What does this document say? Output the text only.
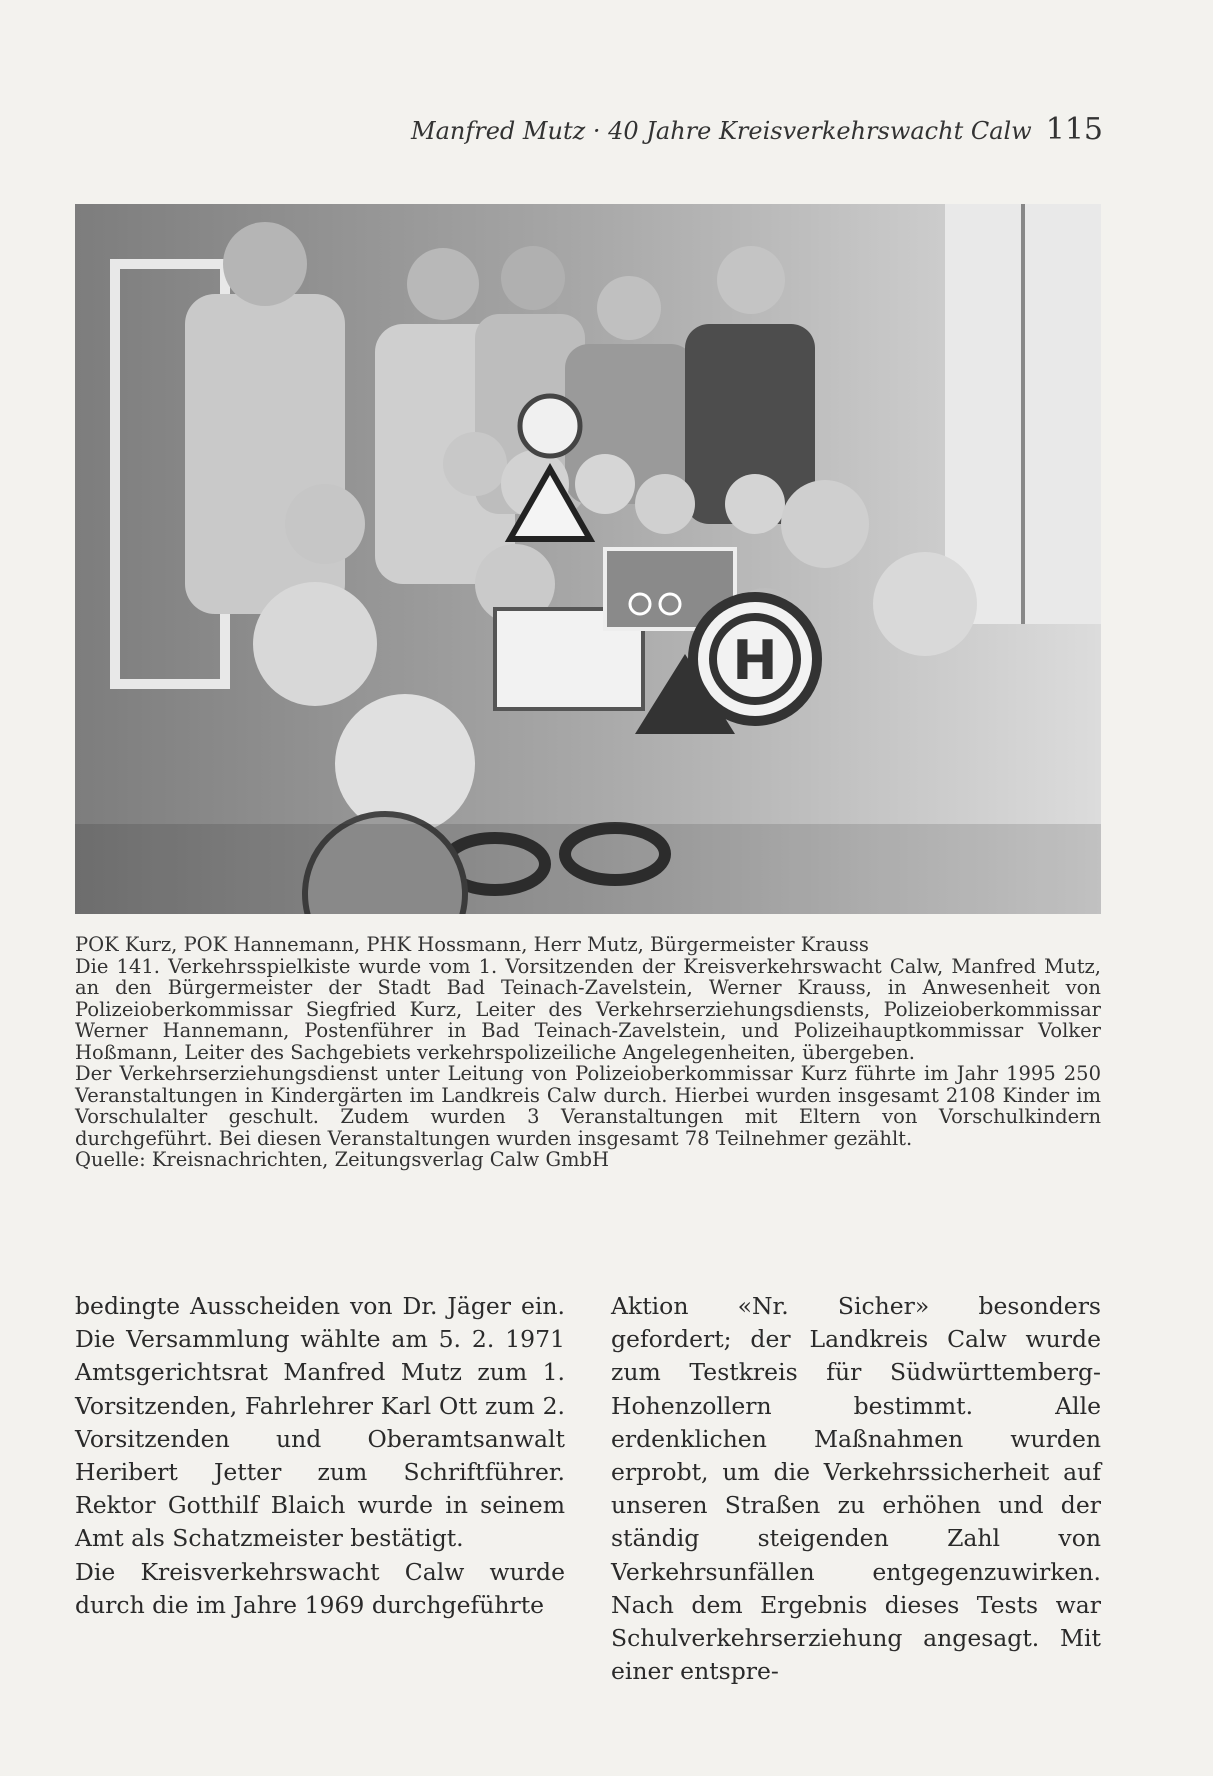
Manfred Mutz · 40 Jahre Kreisverkehrswacht Calw 115
H

POK Kurz, POK Hannemann, PHK Hossmann, Herr Mutz, Bürgermeister Krauss

Die 141. Verkehrsspielkiste wurde vom 1. Vorsitzenden der Kreisverkehrswacht Calw, Manfred Mutz, an den Bürgermeister der Stadt Bad Teinach-Zavelstein, Werner Krauss, in Anwesenheit von Polizeioberkommissar Siegfried Kurz, Leiter des Verkehrserziehungsdiensts, Polizeioberkommissar Werner Hannemann, Postenführer in Bad Teinach-Zavelstein, und Polizeihauptkommissar Volker Hoßmann, Leiter des Sachgebiets verkehrspolizeiliche Angelegenheiten, übergeben.

Der Verkehrserziehungsdienst unter Leitung von Polizeioberkommissar Kurz führte im Jahr 1995 250 Veranstaltungen in Kindergärten im Landkreis Calw durch. Hierbei wurden insgesamt 2108 Kinder im Vorschulalter geschult. Zudem wurden 3 Veranstaltungen mit Eltern von Vorschulkindern durchgeführt. Bei diesen Veranstaltungen wurden insgesamt 78 Teilnehmer gezählt.

Quelle: Kreisnachrichten, Zeitungsverlag Calw GmbH

bedingte Ausscheiden von Dr. Jäger ein. Die Versammlung wählte am 5. 2. 1971 Amtsgerichtsrat Manfred Mutz zum 1. Vorsitzenden, Fahrlehrer Karl Ott zum 2. Vorsitzenden und Oberamtsanwalt Heribert Jetter zum Schriftführer. Rektor Gotthilf Blaich wurde in seinem Amt als Schatzmeister bestätigt.

Die Kreisverkehrswacht Calw wurde durch die im Jahre 1969 durchgeführte

Aktion «Nr. Sicher» besonders gefordert; der Landkreis Calw wurde zum Testkreis für Südwürttemberg-Hohenzollern bestimmt. Alle erdenklichen Maßnahmen wurden erprobt, um die Verkehrssicherheit auf unseren Straßen zu erhöhen und der ständig steigenden Zahl von Verkehrsunfällen entgegenzuwirken. Nach dem Ergebnis dieses Tests war Schulverkehrserziehung angesagt. Mit einer entspre-
